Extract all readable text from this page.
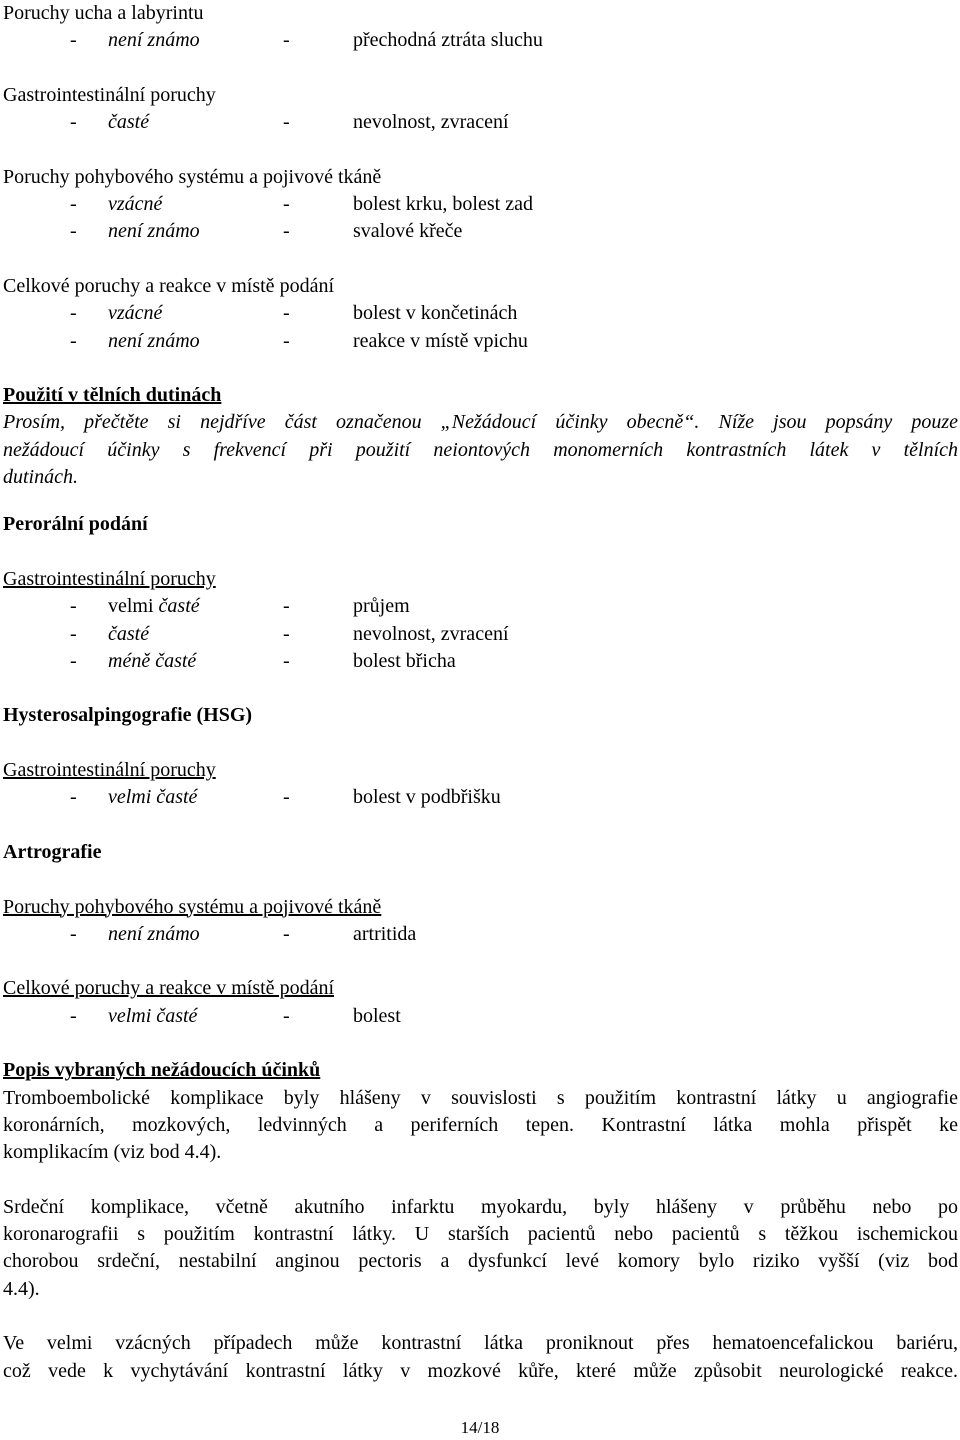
Poruchy ucha a labyrintu
- není známo	-	přechodná ztráta sluchu
Gastrointestinální poruchy
- časté	-	nevolnost, zvracení
Poruchy pohybového systému a pojivové tkáně
- vzácné	-	bolest krku, bolest zad
- není známo	-	svalové křeče
Celkové poruchy a reakce v místě podání
- vzácné	-	bolest v končetinách
- není známo	-	reakce v místě vpichu
Použití v tělních dutinách
Prosím, přečtěte si nejdříve část označenou „Nežádoucí účinky obecně“. Níže jsou popsány pouze
nežádoucí účinky s frekvencí při použití neiontových monomerních kontrastních látek v tělních
dutinách.
Perorální podání
Gastrointestinální poruchy
- velmi časté	-	průjem
- časté	-	nevolnost, zvracení
- méně časté	-	bolest břicha
Hysterosalpingografie (HSG)
Gastrointestinální poruchy
- velmi časté	-	bolest v podbřišku
Artrografie
Poruchy pohybového systému a pojivové tkáně
- není známo	-	artritida
Celkové poruchy a reakce v místě podání
- velmi časté	-	bolest
Popis vybraných nežádoucích účinků
Tromboembolické komplikace byly hlášeny v souvislosti s použitím kontrastní látky u angiografie
koronárních, mozkových, ledvinných a periferních tepen. Kontrastní látka mohla přispět ke
komplikacím (viz bod 4.4).
Srdeční komplikace, včetně akutního infarktu myokardu, byly hlášeny v průběhu nebo po
koronarografii s použitím kontrastní látky. U starších pacientů nebo pacientů s těžkou ischemickou
chorobou srdeční, nestabilní anginou pectoris a dysfunkcí levé komory bylo riziko vyšší (viz bod
4.4).
Ve velmi vzácných případech může kontrastní látka proniknout přes hematoencefalickou bariéru,
což vede k vychytávání kontrastní látky v mozkové kůře, které může způsobit neurologické reakce.
14/18
